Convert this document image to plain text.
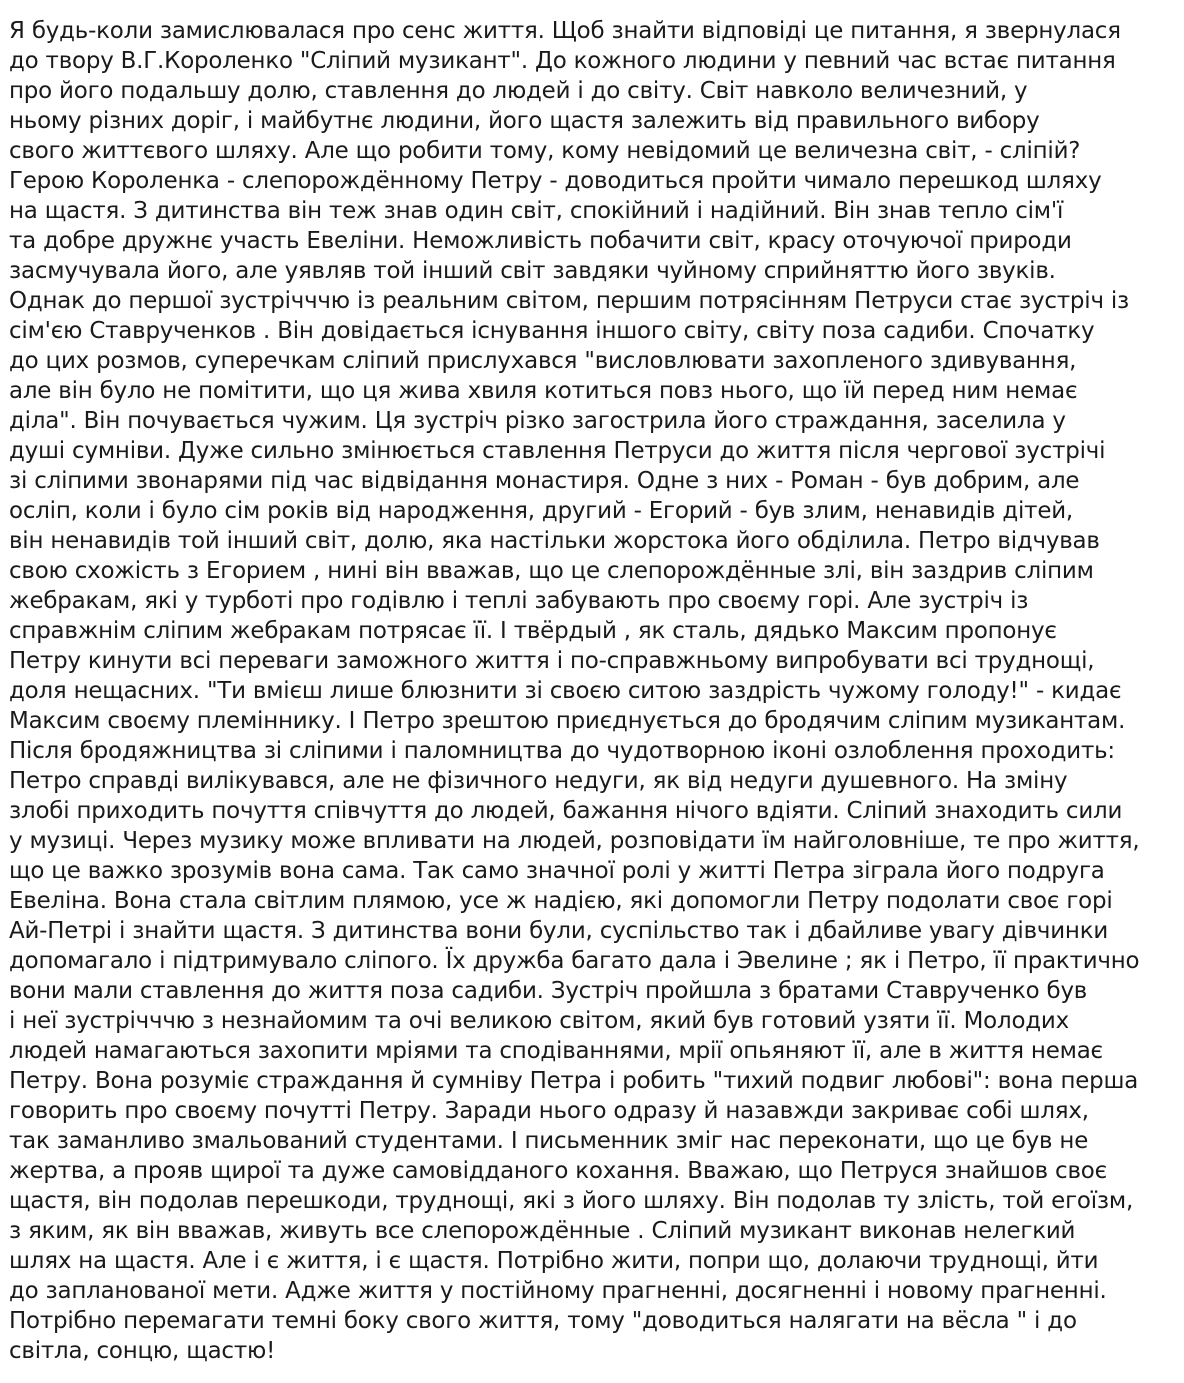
Я будь-коли замислювалася про сенс життя. Щоб знайти відповіді це питання, я звернулася
до твору В.Г.Короленко "Сліпий музикант". До кожного людини у певний час встає питання
про його подальшу долю, ставлення до людей і до світу. Світ навколо величезний, у
ньому різних доріг, і майбутнє людини, його щастя залежить від правильного вибору
свого життєвого шляху. Але що робити тому, кому невідомий це величезна світ, - сліпій?
Герою Короленка - слепорождённому Петру - доводиться пройти чимало перешкод шляху
на щастя. З дитинства він теж знав один світ, спокійний і надійний. Він знав тепло сім'ї
та добре дружнє участь Евеліни. Неможливість побачити світ, красу оточуючої природи
засмучувала його, але уявляв той інший світ завдяки чуйному сприйняттю його звуків.
Однак до першої зустрічччю із реальним світом, першим потрясінням Петруси стає зустріч із
сім'єю Ставрученков . Він довідається існування іншого світу, світу поза садиби. Спочатку
до цих розмов, суперечкам сліпий прислухався "висловлювати захопленого здивування,
але він було не помітити, що ця жива хвиля котиться повз нього, що їй перед ним немає
діла". Він почувається чужим. Ця зустріч різко загострила його страждання, заселила у
душі сумніви. Дуже сильно змінюється ставлення Петруси до життя після чергової зустрічі
зі сліпими звонарями під час відвідання монастиря. Одне з них - Роман - був добрим, але
осліп, коли і було сім років від народження, другий - Егорий - був злим, ненавидів дітей,
він ненавидів той інший світ, долю, яка настільки жорстока його обділила. Петро відчував
свою схожість з Егорием , нині він вважав, що це слепорождённые злі, він заздрив сліпим
жебракам, які у турботі про годівлю і теплі забувають про своєму горі. Але зустріч із
справжнім сліпим жебракам потрясає її. І твёрдый , як сталь, дядько Максим пропонує
Петру кинути всі переваги заможного життя і по-справжньому випробувати всі труднощі,
доля нещасних. "Ти вмієш лише блюзнити зі своєю ситою заздрість чужому голоду!" - кидає
Максим своєму племіннику. І Петро зрештою приєднується до бродячим сліпим музикантам.
Після бродяжництва зі сліпими і паломництва до чудотворною іконі озлоблення проходить:
Петро справді вилікувався, але не фізичного недуги, як від недуги душевного. На зміну
злобі приходить почуття співчуття до людей, бажання нічого вдіяти. Сліпий знаходить сили
у музиці. Через музику може впливати на людей, розповідати їм найголовніше, те про життя,
що це важко зрозумів вона сама. Так само значної ролі у житті Петра зіграла його подруга
Евеліна. Вона стала світлим плямою, усе ж надією, які допомогли Петру подолати своє горі
Ай-Петрі і знайти щастя. З дитинства вони були, суспільство так і дбайливе увагу дівчинки
допомагало і підтримувало сліпого. Їх дружба багато дала і Эвелине ; як і Петро, її практично
вони мали ставлення до життя поза садиби. Зустріч пройшла з братами Ставрученко був
і неї зустрічччю з незнайомим та очі великою світом, який був готовий узяти її. Молодих
людей намагаються захопити мріями та сподіваннями, мрії опьяняют її, але в життя немає
Петру. Вона розуміє страждання й сумніву Петра і робить "тихий подвиг любові": вона перша
говорить про своєму почутті Петру. Заради нього одразу й назавжди закриває собі шлях,
так заманливо змальований студентами. І письменник зміг нас переконати, що це був не
жертва, а прояв щирої та дуже самовідданого кохання. Вважаю, що Петруся знайшов своє
щастя, він подолав перешкоди, труднощі, які з його шляху. Він подолав ту злість, той егоїзм,
з яким, як він вважав, живуть все слепорождённые . Сліпий музикант виконав нелегкий
шлях на щастя. Але і є життя, і є щастя. Потрібно жити, попри що, долаючи труднощі, йти
до запланованої мети. Адже життя у постійному прагненні, досягненні і новому прагненні.
Потрібно перемагати темні боку свого життя, тому "доводиться налягати на вёсла " і до
світла, сонцю, щастю!
